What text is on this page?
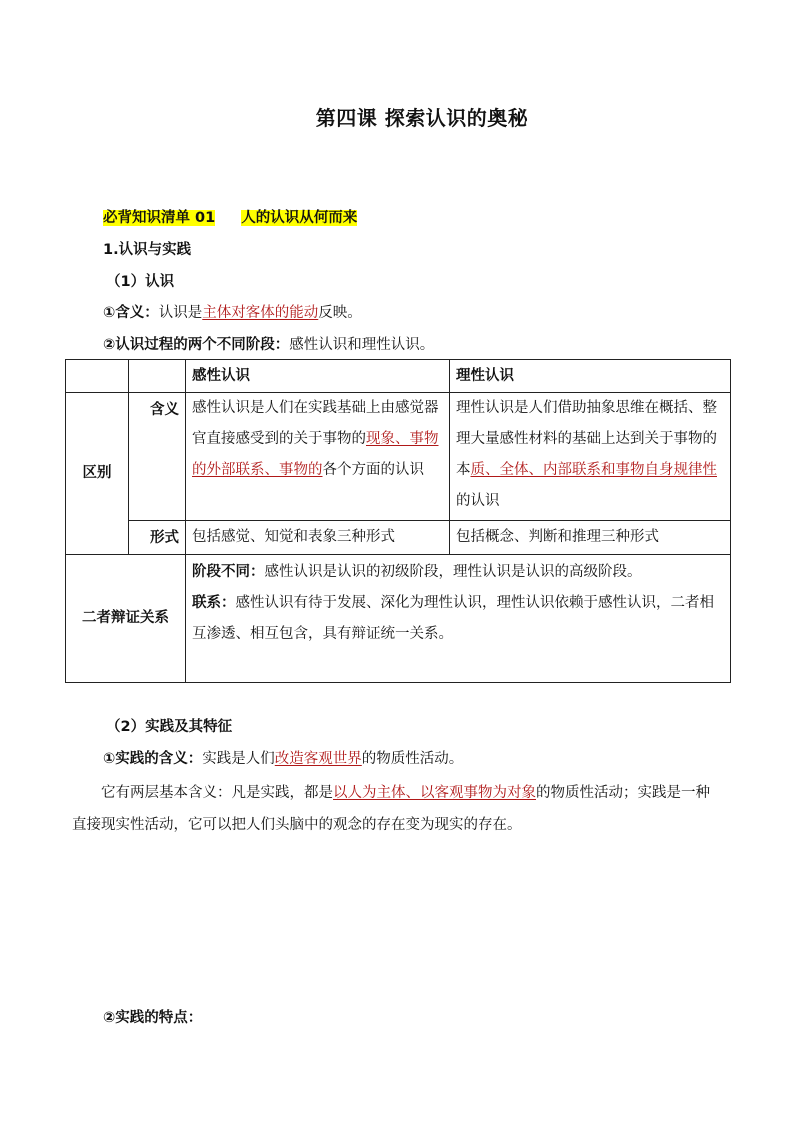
第四课 探索认识的奥秘
必背知识清单 01 人的认识从何而来
1.认识与实践
（1）认识
①含义：认识是主体对客体的能动反映。
②认识过程的两个不同阶段：感性认识和理性认识。
		感性认识	理性认识
区别	含义	感性认识是人们在实践基础上由感觉器官直接感受到的关于事物的现象、事物的外部联系、事物的各个方面的认识	理性认识是人们借助抽象思维在概括、整理大量感性材料的基础上达到关于事物的本质、全体、内部联系和事物自身规律性的认识
	形式	包括感觉、知觉和表象三种形式	包括概念、判断和推理三种形式
二者辩证关系		阶段不同：感性认识是认识的初级阶段，理性认识是认识的高级阶段。
联系：感性认识有待于发展、深化为理性认识，理性认识依赖于感性认识，二者相互渗透、相互包含，具有辩证统一关系。	
（2）实践及其特征
①实践的含义：实践是人们改造客观世界的物质性活动。
它有两层基本含义：凡是实践，都是以人为主体、以客观事物为对象的物质性活动；实践是一种直接现实性活动，它可以把人们头脑中的观念的存在变为现实的存在。
②实践的特点：
